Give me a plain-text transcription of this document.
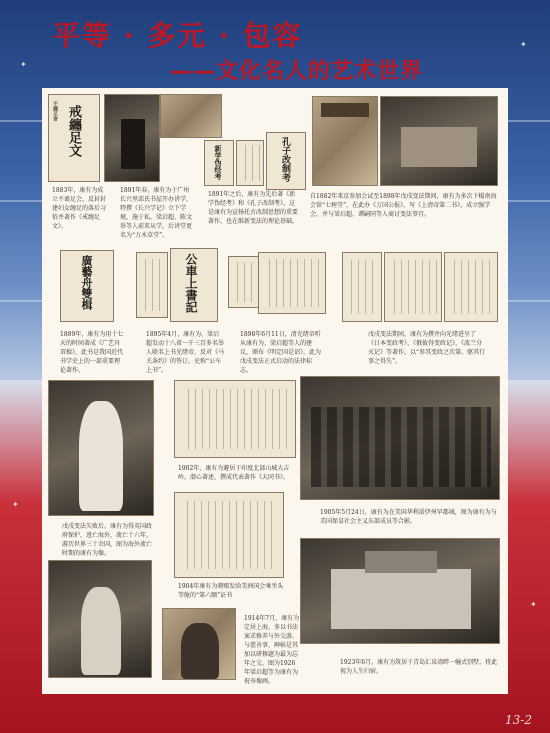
✦
✦
✦
✦
平等 · 多元 · 包容
——文化名人的艺术世界
戒纏足文
不纏足會
新学伪经考	孔子改制考
1883年，康有为成立不裹足会，反封封建妇女缠足的落后习俗并著作《戒缠足文》。
1891年春，康有为于广州长兴里邱氏书屋开办讲学，特撰《长兴学记》立下学规，施于私，梁启超、陈文举等人前来从学，后讲堂更名为“万木草堂”。
1891年之后，康有为先后著《新学伪经考》和《孔子改制考》，这是康有为宣扬托古改制思想的重要著作，也在维新变法的理论基础。
自1882年来京参加会试至1898年戊戌变法期间，康有为多次下榻南海会馆“七树堂”，在此办《万国公报》，写《上清帝第二书》，成立强学会，并与梁启超、谭嗣同等人商讨变法事宜。
廣藝舟雙楫	公車上書記
1889年，康有为用十七天的时间著成《广艺舟双楫》，此书是我国近代书学史上的一部重要理论著作。
1895年4月，康有为、梁启超发动十八省一千三百多名举人联名上书光绪帝，反对《马关条约》的签订，史称“公车上书”。
1898年6月11日，清光绪帝听从康有为、梁启超等人的建议，颁布《明定国是诏》，此为戊戌变法正式启动的法律标志。
戊戌变法期间，康有为撰并向光绪进呈了《日本变政考》、《俄彼得变政记》、《波兰分灭记》等著作，以“参其变政之次第，驱其行事之得失”。
戊戌变法失败后，康有为得英国政府保护，逃亡海外，流亡十六年，游历世界三十余国，图为海外流亡时期的康有为像。
1902年，康有为避居于印度北部山城大吉岭，潜心著述，撰成代表著作《大同书》。
1905年5月24日，康有为在美国华利诺伊州罕都城，图为康有为与美国保皇社会主义东部成员等合影。
1904年康有为颁赐发给美洲国会乘坐头等舱的“第六顺”证书
1914年7月，康有为定居上海，多以书法案求修养与外交游。与慈善事，碑帖是其加以研修题为最为忘年之交，图为1926年梁启超等为康有为祝寿像画。
1923年6月，康有为筑居于青岛汇泉湾畔一幢式别墅，将此视为人生归宿。
13-2
